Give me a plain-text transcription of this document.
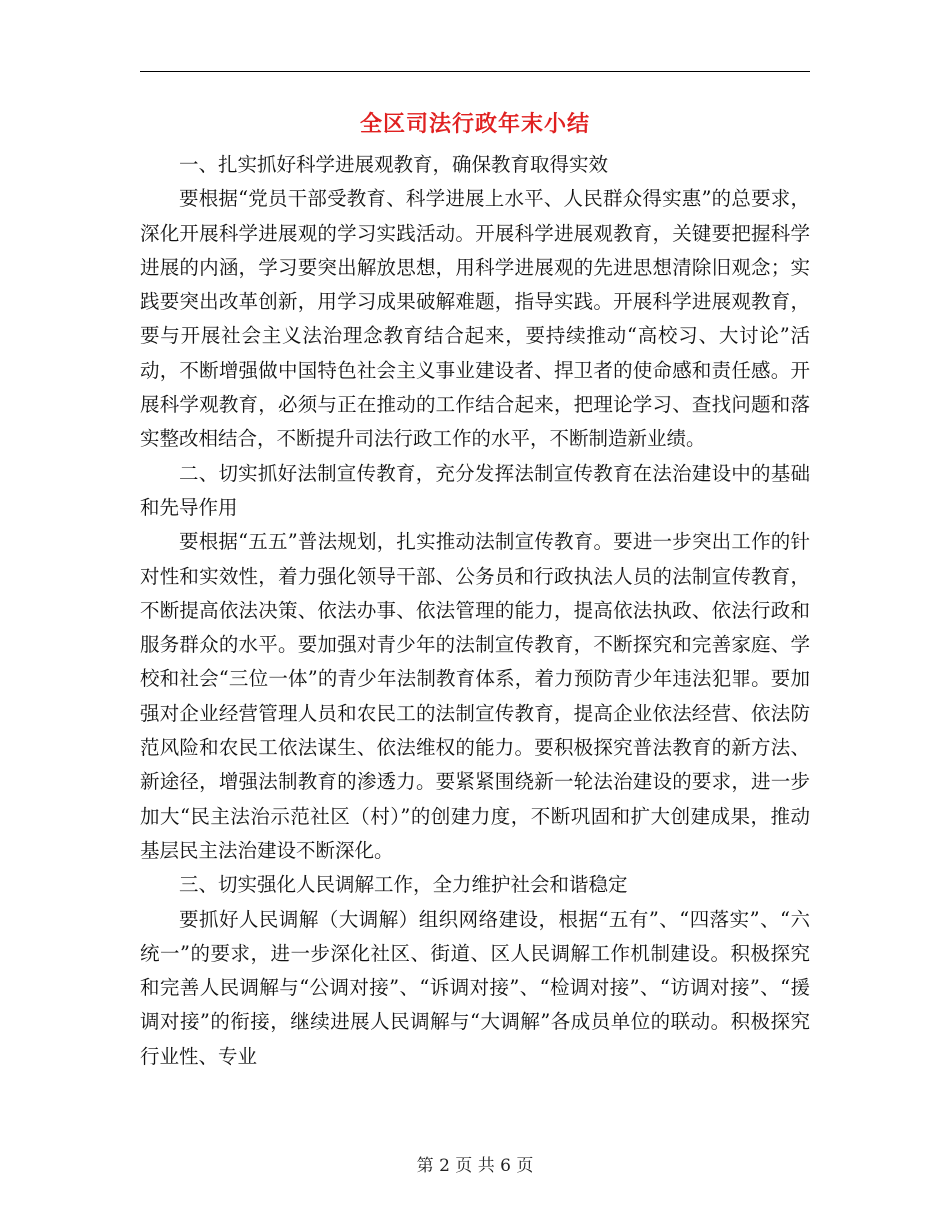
全区司法行政年末小结

一、扎实抓好科学进展观教育，确保教育取得实效

要根据“党员干部受教育、科学进展上水平、人民群众得实惠”的总要求，深化开展科学进展观的学习实践活动。开展科学进展观教育，关键要把握科学进展的内涵，学习要突出解放思想，用科学进展观的先进思想清除旧观念；实践要突出改革创新，用学习成果破解难题，指导实践。开展科学进展观教育，要与开展社会主义法治理念教育结合起来，要持续推动“高校习、大讨论”活动，不断增强做中国特色社会主义事业建设者、捍卫者的使命感和责任感。开展科学观教育，必须与正在推动的工作结合起来，把理论学习、查找问题和落实整改相结合，不断提升司法行政工作的水平，不断制造新业绩。

二、切实抓好法制宣传教育，充分发挥法制宣传教育在法治建设中的基础和先导作用

要根据“五五”普法规划，扎实推动法制宣传教育。要进一步突出工作的针对性和实效性，着力强化领导干部、公务员和行政执法人员的法制宣传教育，不断提高依法决策、依法办事、依法管理的能力，提高依法执政、依法行政和服务群众的水平。要加强对青少年的法制宣传教育，不断探究和完善家庭、学校和社会“三位一体”的青少年法制教育体系，着力预防青少年违法犯罪。要加强对企业经营管理人员和农民工的法制宣传教育，提高企业依法经营、依法防范风险和农民工依法谋生、依法维权的能力。要积极探究普法教育的新方法、新途径，增强法制教育的渗透力。要紧紧围绕新一轮法治建设的要求，进一步加大“民主法治示范社区（村）”的创建力度，不断巩固和扩大创建成果，推动基层民主法治建设不断深化。

三、切实强化人民调解工作，全力维护社会和谐稳定

要抓好人民调解（大调解）组织网络建设，根据“五有”、“四落实”、“六统一”的要求，进一步深化社区、街道、区人民调解工作机制建设。积极探究和完善人民调解与“公调对接”、“诉调对接”、“检调对接”、“访调对接”、“援调对接”的衔接，继续进展人民调解与“大调解”各成员单位的联动。积极探究行业性、专业

第 2 页 共 6 页
